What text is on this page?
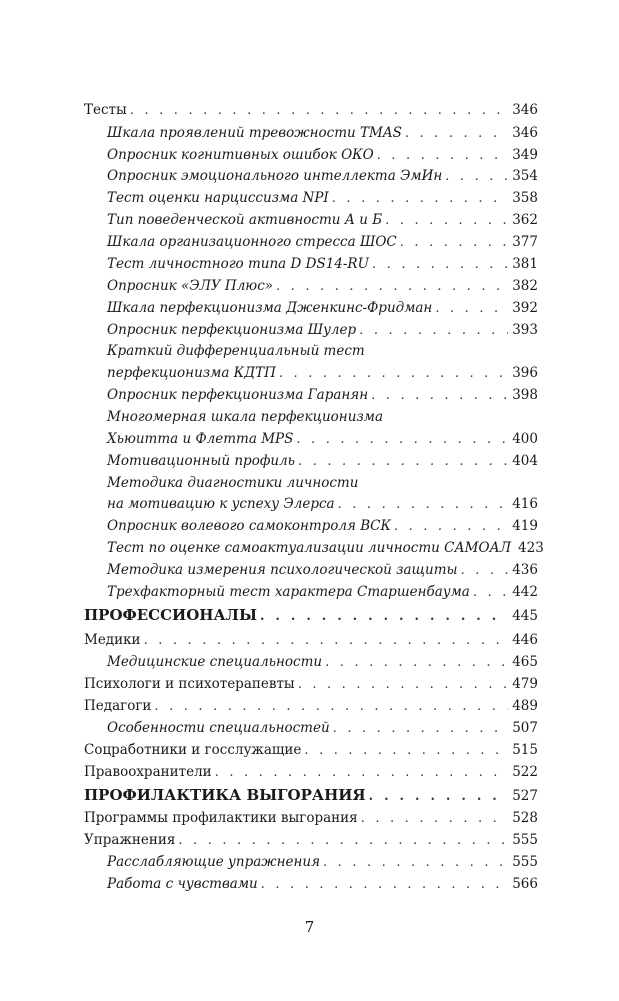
Тесты . . .	346
Шкала проявлений тревожности TMAS . . .	346
Опросник когнитивных ошибок ОКО . . .	349
Опросник эмоционального интеллекта ЭмИн . . .	354
Тест оценки нарциссизма NPI . . .	358
Тип поведенческой активности А и Б . . .	362
Шкала организационного стресса ШОС . . .	377
Тест личностного типа D DS14-RU . . .	381
Опросник «ЭЛУ Плюс» . . .	382
Шкала перфекционизма Дженкинс-Фридман . . .	392
Опросник перфекционизма Шулер . . .	393
Краткий дифференциальный тест
перфекционизма КДТП . . .	396
Опросник перфекционизма Гаранян . . .	398
Многомерная шкала перфекционизма
Хьюитта и Флетта MPS . . .	400
Мотивационный профиль . . .	404
Методика диагностики личности
на мотивацию к успеху Элерса . . .	416
Опросник волевого самоконтроля ВСК . . .	419
Тест по оценке самоактуализации личности САМОАЛ 423
Методика измерения психологической защиты . . .	436
Трехфакторный тест характера Старшенбаума . . .	442
ПРОФЕССИОНАЛЫ . . .	445
Медики . . .	446
Медицинские специальности . . .	465
Психологи и психотерапевты . . .	479
Педагоги . . .	489
Особенности специальностей . . .	507
Соцработники и госслужащие . . .	515
Правоохранители . . .	522
ПРОФИЛАКТИКА ВЫГОРАНИЯ . . .	527
Программы профилактики выгорания . . .	528
Упражнения . . .	555
Расслабляющие упражнения . . .	555
Работа с чувствами . . .	566
7
